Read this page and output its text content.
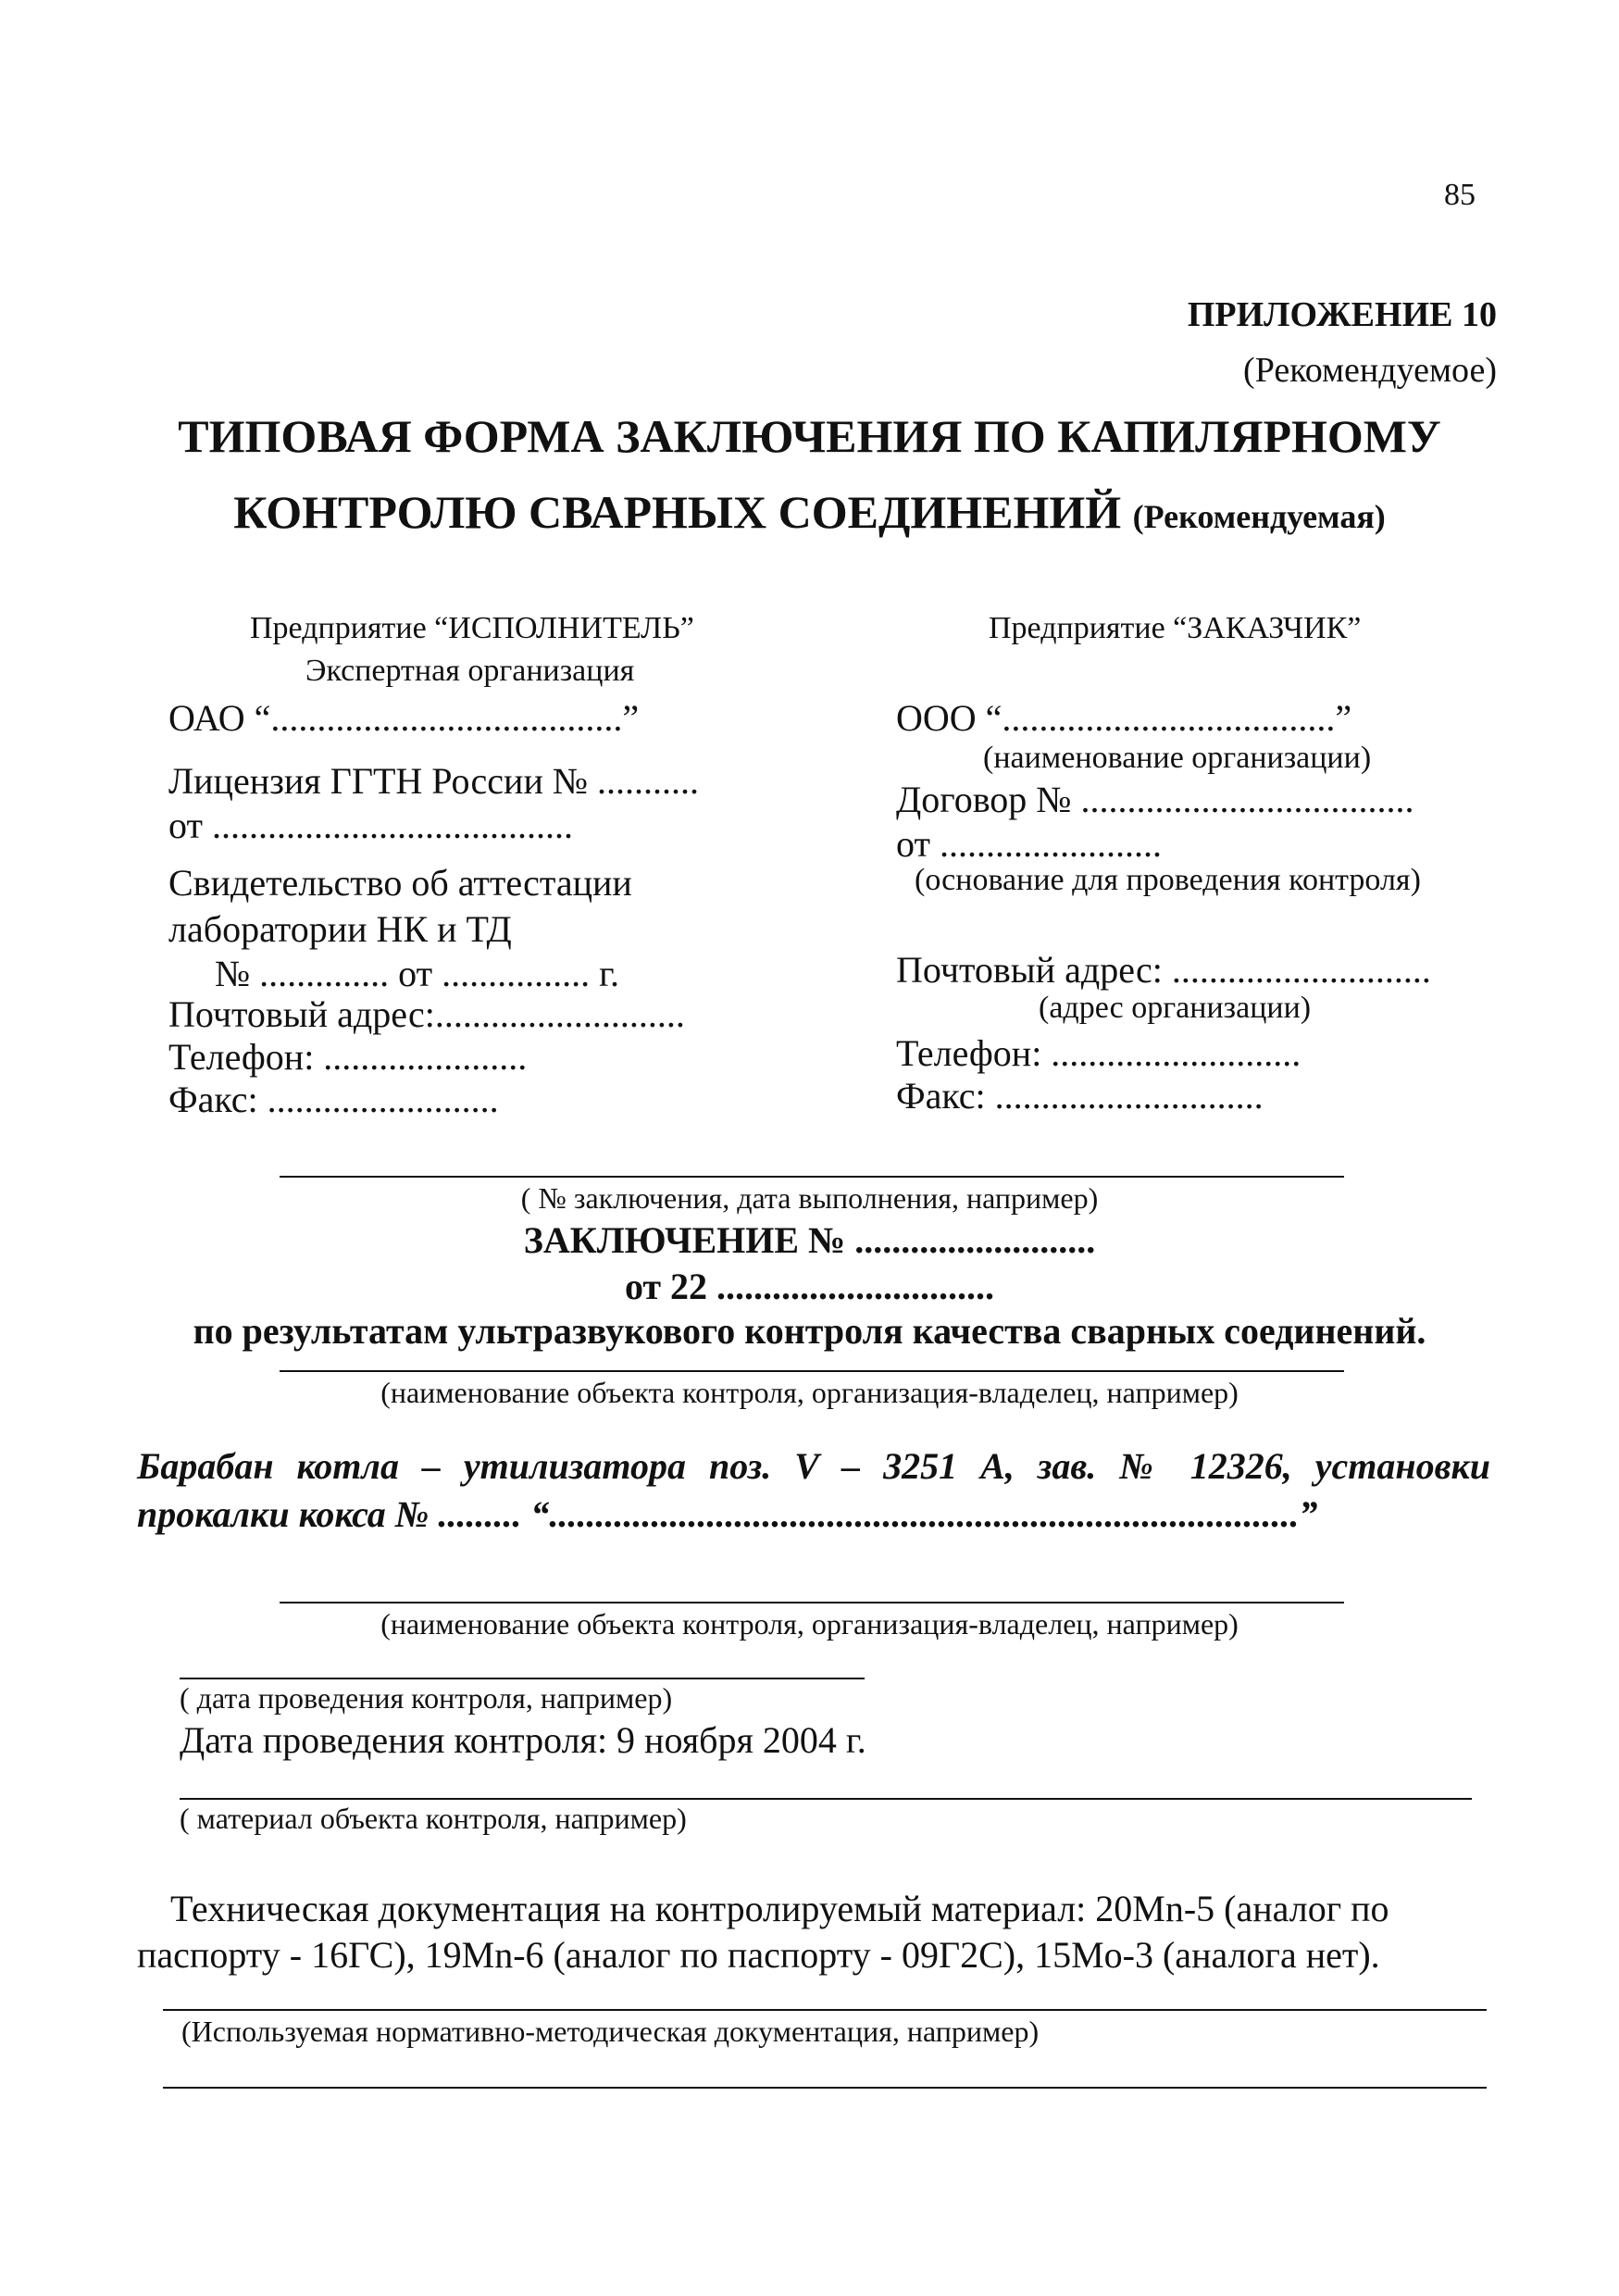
85
ПРИЛОЖЕНИЕ 10
(Рекомендуемое)
ТИПОВАЯ ФОРМА ЗАКЛЮЧЕНИЯ ПО КАПИЛЯРНОМУ
КОНТРОЛЮ СВАРНЫХ СОЕДИНЕНИЙ (Рекомендуемая)
Предприятие “ИСПОЛНИТЕЛЬ”
Экспертная организация
ОАО “......................................”
Лицензия ГГТН России № ...........
от .......................................
Свидетельство об аттестации
лаборатории НК и ТД
№ .............. от ................ г.
Почтовый адрес:...........................
Телефон: ......................
Факс: .........................
Предприятие “ЗАКАЗЧИК”
ООО “....................................”
(наименование организации)
Договор № ....................................
от ........................
(основание для проведения контроля)
Почтовый адрес: ............................
(адрес организации)
Телефон: ...........................
Факс: .............................
( № заключения, дата выполнения, например)
ЗАКЛЮЧЕНИЕ № ..........................
от 22 ..............................
по результатам ультразвукового контроля качества сварных соединений.
(наименование объекта контроля, организация-владелец, например)
Барабан котла – утилизатора поз. V – 3251 А, зав. № 12326, установки
прокалки кокса № ......... “.................................................................................”
(наименование объекта контроля, организация-владелец, например)
( дата проведения контроля, например)
Дата проведения контроля: 9 ноября 2004 г.
( материал объекта контроля, например)
Техническая документация на контролируемый материал: 20Mn-5 (аналог по
паспорту - 16ГС), 19Mn-6 (аналог по паспорту - 09Г2С), 15Mo-3 (аналога нет).
(Используемая нормативно-методическая документация, например)
